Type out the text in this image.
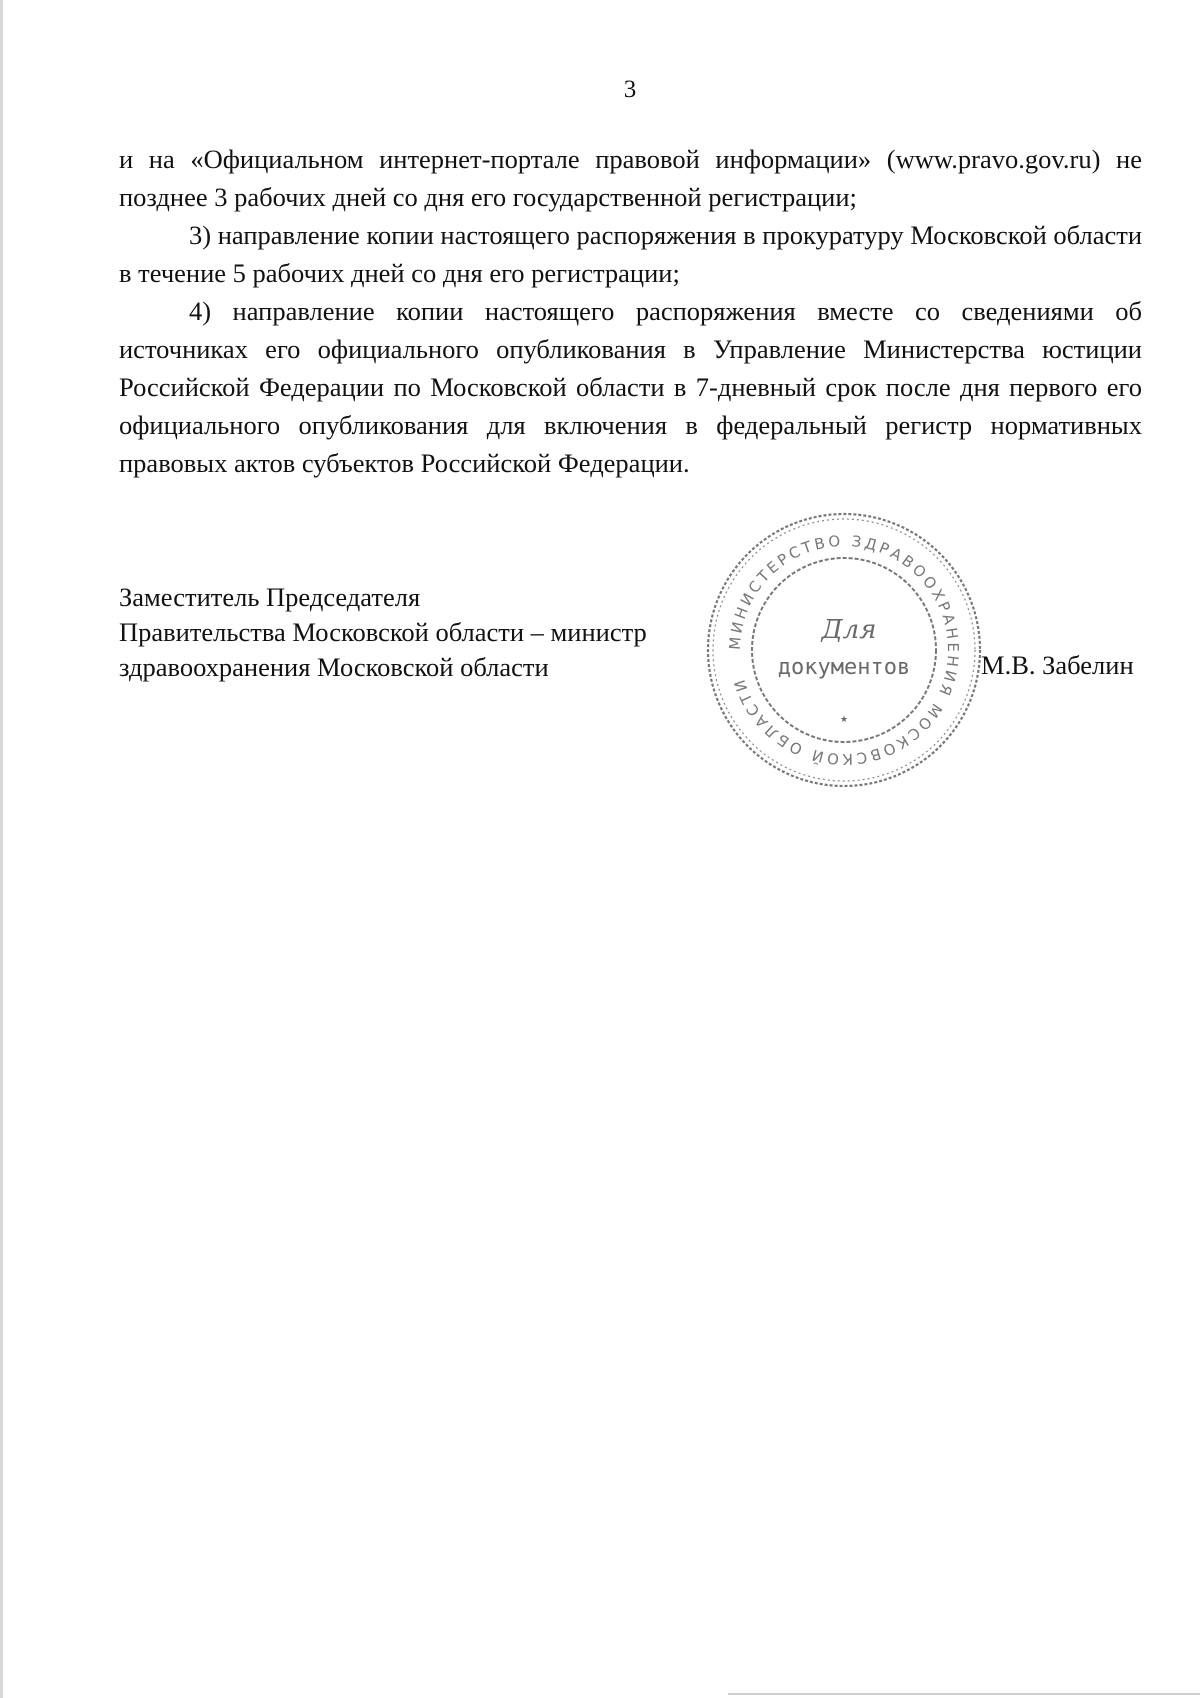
3

и на «Официальном интернет-портале правовой информации» (www.pravo.gov.ru) не позднее 3 рабочих дней со дня его государственной регистрации;

3) направление копии настоящего распоряжения в прокуратуру Московской области в течение 5 рабочих дней со дня его регистрации;

4) направление копии настоящего распоряжения вместе со сведениями об источниках его официального опубликования в Управление Министерства юстиции Российской Федерации по Московской области в 7-дневный срок после дня первого его официального опубликования для включения в федеральный регистр нормативных правовых актов субъектов Российской Федерации.

Заместитель Председателя
Правительства Московской области – министр
здравоохранения Московской области
МИНИСТЕРСТВО ЗДРАВООХРАНЕНИЯ МОСКОВСКОЙ ОБЛАСТИ
Для
документов
★
М.В. Забелин
